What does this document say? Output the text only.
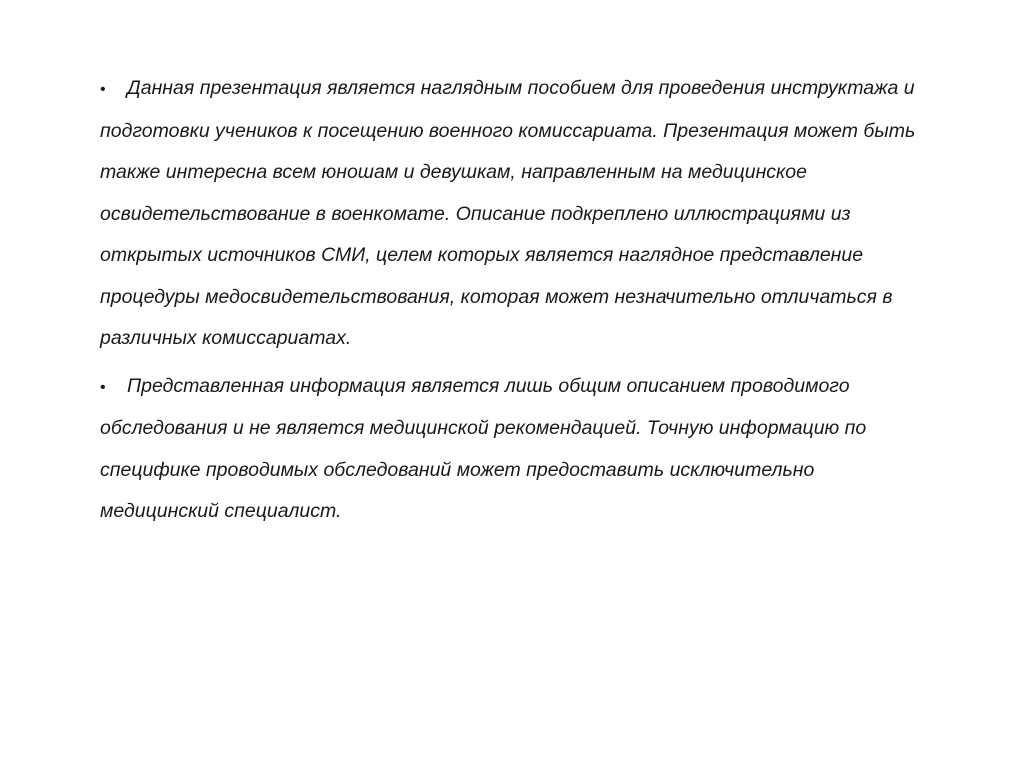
• Данная презентация является наглядным пособием для проведения инструктажа и подготовки учеников к посещению военного комиссариата. Презентация может быть также интересна всем юношам и девушкам, направленным на медицинское освидетельствование в военкомате. Описание подкреплено иллюстрациями из открытых источников СМИ, целем которых является наглядное представление процедуры медосвидетельствования, которая может незначительно отличаться в различных комиссариатах.
• Представленная информация является лишь общим описанием проводимого обследования и не является медицинской рекомендацией. Точную информацию по специфике проводимых обследований может предоставить исключительно медицинский специалист.
